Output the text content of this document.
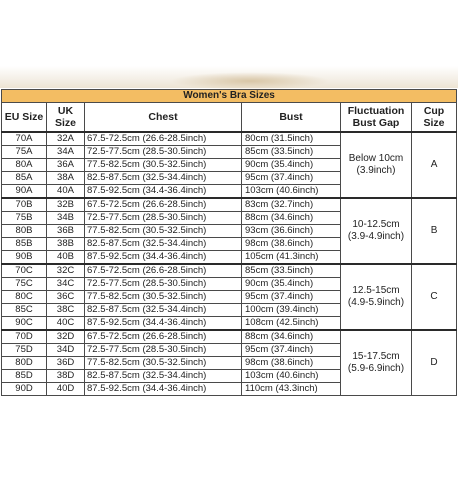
Women's Bra Sizes					
EU Size	UK Size	Chest	Bust	Fluctuation Bust Gap	Cup Size
70A	32A	67.5-72.5cm (26.6-28.5inch)	80cm (31.5inch)	Below 10cm (3.9inch)	A
75A	34A	72.5-77.5cm (28.5-30.5inch)	85cm (33.5inch)		
80A	36A	77.5-82.5cm (30.5-32.5inch)	90cm (35.4inch)		
85A	38A	82.5-87.5cm (32.5-34.4inch)	95cm (37.4inch)		
90A	40A	87.5-92.5cm (34.4-36.4inch)	103cm (40.6inch)		
70B	32B	67.5-72.5cm (26.6-28.5inch)	83cm (32.7inch)	10-12.5cm (3.9-4.9inch)	B
75B	34B	72.5-77.5cm (28.5-30.5inch)	88cm (34.6inch)		
80B	36B	77.5-82.5cm (30.5-32.5inch)	93cm (36.6inch)		
85B	38B	82.5-87.5cm (32.5-34.4inch)	98cm (38.6inch)		
90B	40B	87.5-92.5cm (34.4-36.4inch)	105cm (41.3inch)		
70C	32C	67.5-72.5cm (26.6-28.5inch)	85cm (33.5inch)	12.5-15cm (4.9-5.9inch)	C
75C	34C	72.5-77.5cm (28.5-30.5inch)	90cm (35.4inch)		
80C	36C	77.5-82.5cm (30.5-32.5inch)	95cm (37.4inch)		
85C	38C	82.5-87.5cm (32.5-34.4inch)	100cm (39.4inch)		
90C	40C	87.5-92.5cm (34.4-36.4inch)	108cm (42.5inch)		
70D	32D	67.5-72.5cm (26.6-28.5inch)	88cm (34.6inch)	15-17.5cm (5.9-6.9inch)	D
75D	34D	72.5-77.5cm (28.5-30.5inch)	95cm (37.4inch)		
80D	36D	77.5-82.5cm (30.5-32.5inch)	98cm (38.6inch)		
85D	38D	82.5-87.5cm (32.5-34.4inch)	103cm (40.6inch)		
90D	40D	87.5-92.5cm (34.4-36.4inch)	110cm (43.3inch)		
